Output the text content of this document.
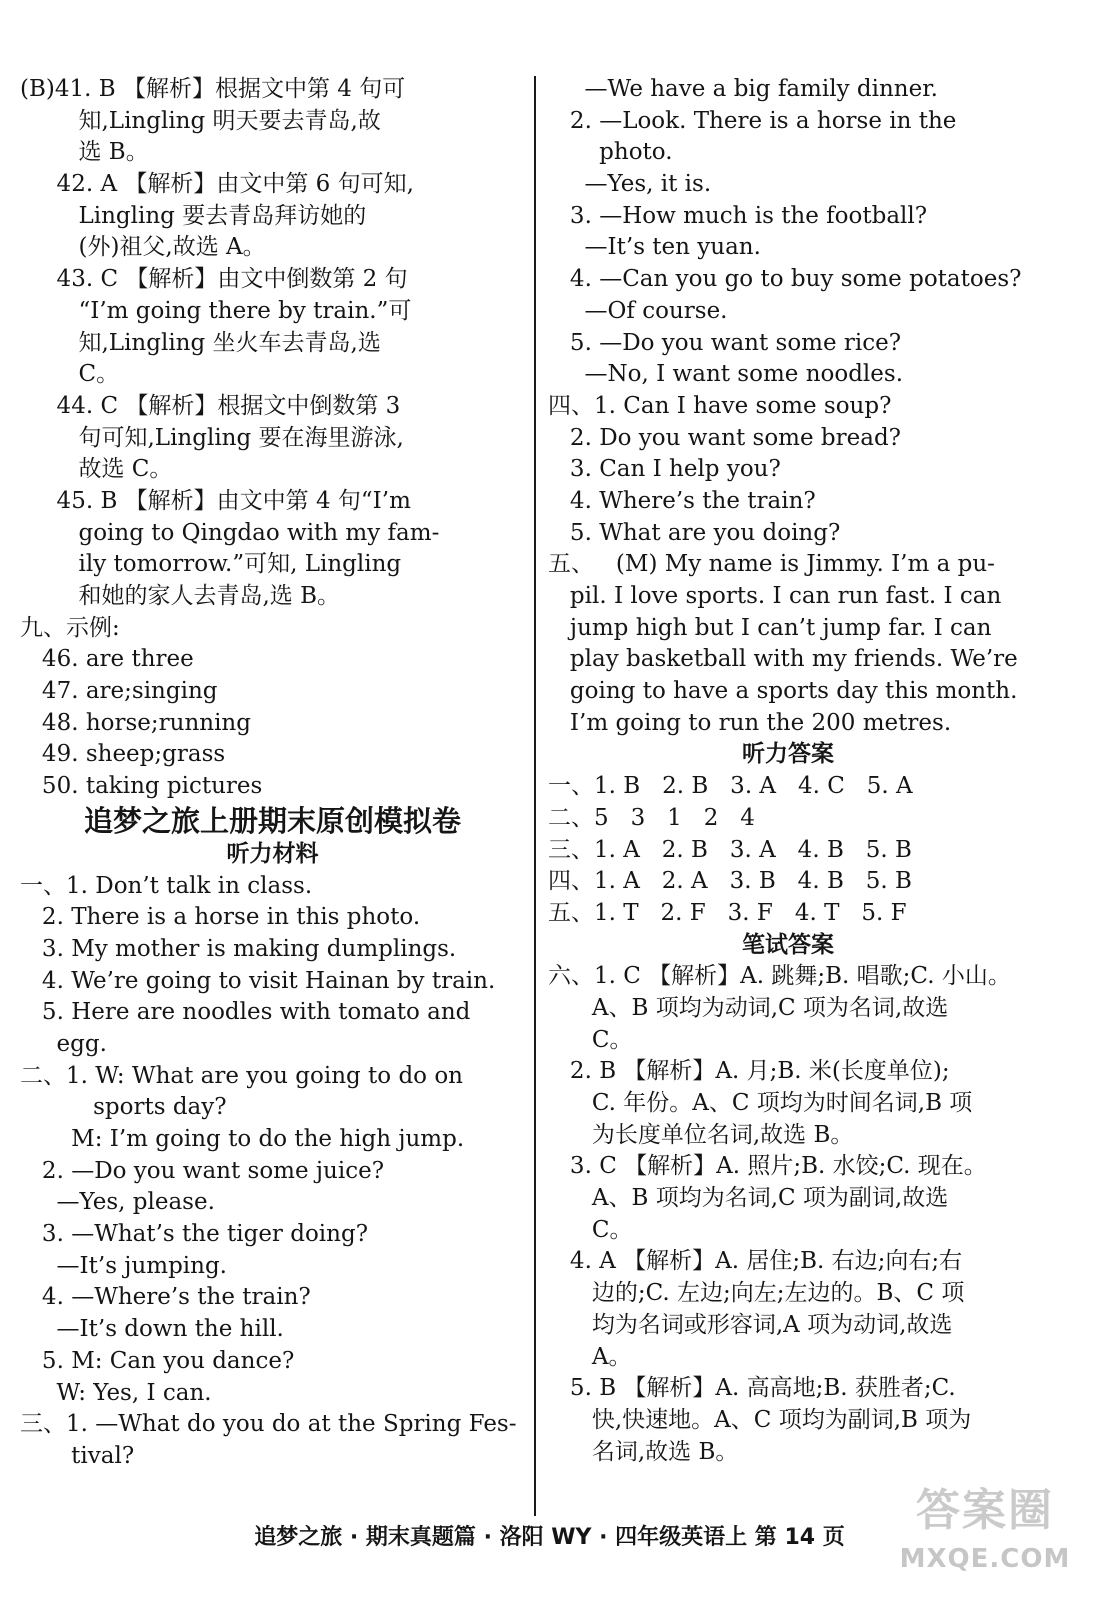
(B)41. B 【解析】根据文中第 4 句可
知,Lingling 明天要去青岛,故
选 B。
42. A 【解析】由文中第 6 句可知,
Lingling 要去青岛拜访她的
(外)祖父,故选 A。
43. C 【解析】由文中倒数第 2 句
“I’m going there by train.”可
知,Lingling 坐火车去青岛,选
C。
44. C 【解析】根据文中倒数第 3
句可知,Lingling 要在海里游泳,
故选 C。
45. B 【解析】由文中第 4 句“I’m
going to Qingdao with my fam-
ily tomorrow.”可知, Lingling
和她的家人去青岛,选 B。
九、示例:
46. are three
47. are;singing
48. horse;running
49. sheep;grass
50. taking pictures
追梦之旅上册期末原创模拟卷
听力材料
一、1. Don’t talk in class.
2. There is a horse in this photo.
3. My mother is making dumplings.
4. We’re going to visit Hainan by train.
5. Here are noodles with tomato and
egg.
二、1. W: What are you going to do on
sports day?
M: I’m going to do the high jump.
2. —Do you want some juice?
—Yes, please.
3. —What’s the tiger doing?
—It’s jumping.
4. —Where’s the train?
—It’s down the hill.
5. M: Can you dance?
W: Yes, I can.
三、1. —What do you do at the Spring Fes-
tival?
—We have a big family dinner.
2. —Look. There is a horse in the
photo.
—Yes, it is.
3. —How much is the football?
—It’s ten yuan.
4. —Can you go to buy some potatoes?
—Of course.
5. —Do you want some rice?
—No, I want some noodles.
四、1. Can I have some soup?
2. Do you want some bread?
3. Can I help you?
4. Where’s the train?
5. What are you doing?
五、   (M) My name is Jimmy. I’m a pu-
pil. I love sports. I can run fast. I can
jump high but I can’t jump far. I can
play basketball with my friends. We’re
going to have a sports day this month.
I’m going to run the 200 metres.
听力答案
一、1. B   2. B   3. A   4. C   5. A
二、5   3   1   2   4
三、1. A   2. B   3. A   4. B   5. B
四、1. A   2. A   3. B   4. B   5. B
五、1. T   2. F   3. F   4. T   5. F
笔试答案
六、1. C 【解析】A. 跳舞;B. 唱歌;C. 小山。
A、B 项均为动词,C 项为名词,故选
C。
2. B 【解析】A. 月;B. 米(长度单位);
C. 年份。A、C 项均为时间名词,B 项
为长度单位名词,故选 B。
3. C 【解析】A. 照片;B. 水饺;C. 现在。
A、B 项均为名词,C 项为副词,故选
C。
4. A 【解析】A. 居住;B. 右边;向右;右
边的;C. 左边;向左;左边的。B、C 项
均为名词或形容词,A 项为动词,故选
A。
5. B 【解析】A. 高高地;B. 获胜者;C.
快,快速地。A、C 项均为副词,B 项为
名词,故选 B。
追梦之旅 · 期末真题篇 · 洛阳 WY · 四年级英语上 第 14 页
答案圈
MXQE.COM
